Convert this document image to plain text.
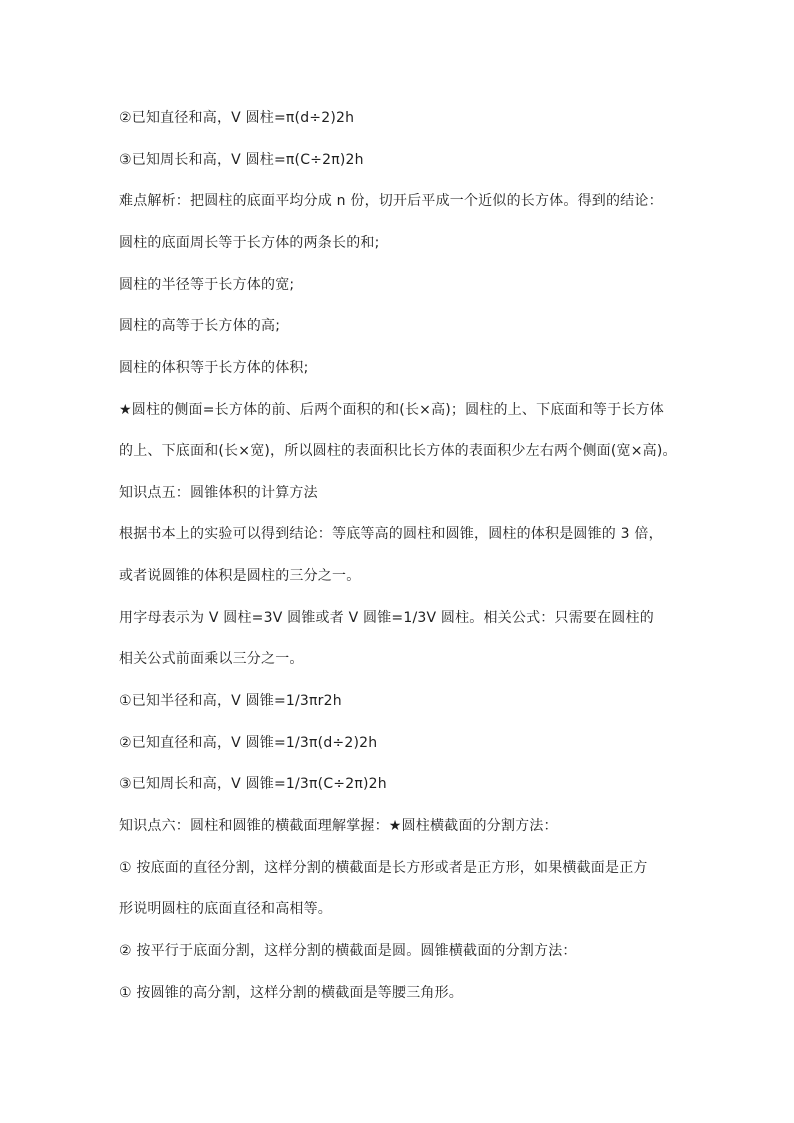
②已知直径和高，V 圆柱=π(d÷2)2h
③已知周长和高，V 圆柱=π(C÷2π)2h
难点解析：把圆柱的底面平均分成 n 份，切开后平成一个近似的长方体。得到的结论：
圆柱的底面周长等于长方体的两条长的和;
圆柱的半径等于长方体的宽;
圆柱的高等于长方体的高;
圆柱的体积等于长方体的体积;
★圆柱的侧面=长方体的前、后两个面积的和(长×高)；圆柱的上、下底面和等于长方体
的上、下底面和(长×宽)，所以圆柱的表面积比长方体的表面积少左右两个侧面(宽×高)。
知识点五：圆锥体积的计算方法
根据书本上的实验可以得到结论：等底等高的圆柱和圆锥，圆柱的体积是圆锥的 3 倍，
或者说圆锥的体积是圆柱的三分之一。
用字母表示为 V 圆柱=3V 圆锥或者 V 圆锥=1/3V 圆柱。相关公式：只需要在圆柱的
相关公式前面乘以三分之一。
①已知半径和高，V 圆锥=1/3πr2h
②已知直径和高，V 圆锥=1/3π(d÷2)2h
③已知周长和高，V 圆锥=1/3π(C÷2π)2h
知识点六：圆柱和圆锥的横截面理解掌握：★圆柱横截面的分割方法：
① 按底面的直径分割，这样分割的横截面是长方形或者是正方形，如果横截面是正方
形说明圆柱的底面直径和高相等。
② 按平行于底面分割，这样分割的横截面是圆。圆锥横截面的分割方法：
① 按圆锥的高分割，这样分割的横截面是等腰三角形。
